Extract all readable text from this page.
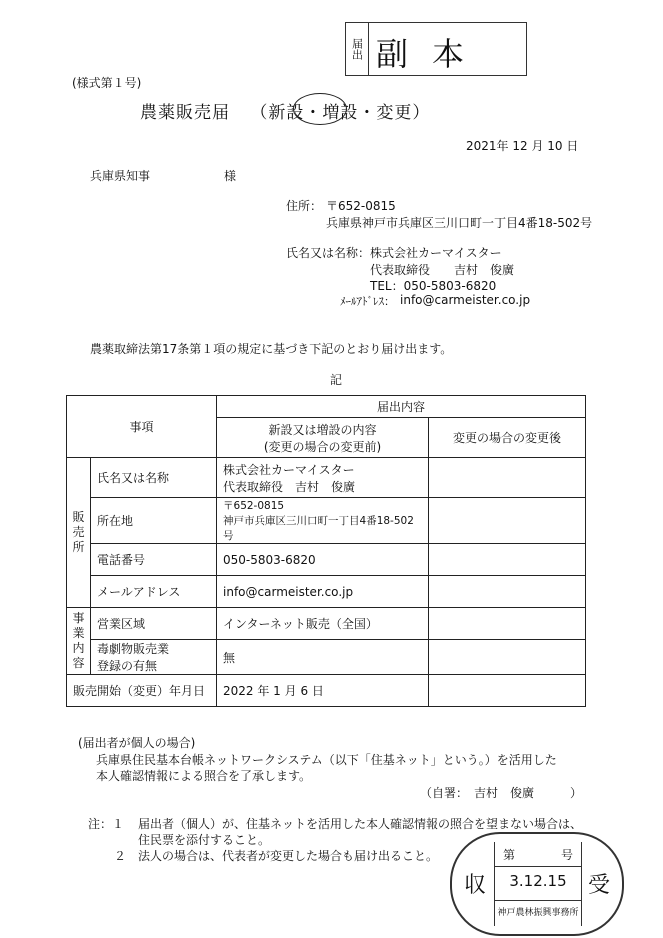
届出 副本
(様式第１号)
農薬販売届 （新設・増設・変更）
2021年 12 月 10 日
兵庫県知事	様
住所： 〒652-0815
兵庫県神戸市兵庫区三川口町一丁目4番18-502号
氏名又は名称： 株式会社カーマイスター
代表取締役　　吉村　俊廣
TEL：050-5803-6820
ﾒｰﾙｱﾄﾞﾚｽ： info@carmeister.co.jp
農薬取締法第17条第１項の規定に基づき下記のとおり届け出ます。
記
事項		届出内容	

		新設又は増設の内容
(変更の場合の変更前)	変更の場合の変更後

販売所	氏名又は名称	株式会社カーマイスター
代表取締役　吉村　俊廣	

	所在地	〒652-0815
神戸市兵庫区三川口町一丁目4番18-502号	

	電話番号	050-5803-6820	
	メールアドレス	info@carmeister.co.jp	

事業内容	営業区域	インターネット販売（全国）	

	毒劇物販売業
登録の有無	無	
販売開始（変更）年月日		2022 年 1 月 6 日	
(届出者が個人の場合)
兵庫県住民基本台帳ネットワークシステム（以下「住基ネット」という。）を活用した
本人確認情報による照合を了承します。
（自署：　吉村　俊廣　　　）
注：１ 届出者（個人）が、住基ネットを活用した本人確認情報の照合を望まない場合は、
住民票を添付すること。
２ 法人の場合は、代表者が変更した場合も届け出ること。
収	受
第	号
3.12.15
神戸農林振興事務所
